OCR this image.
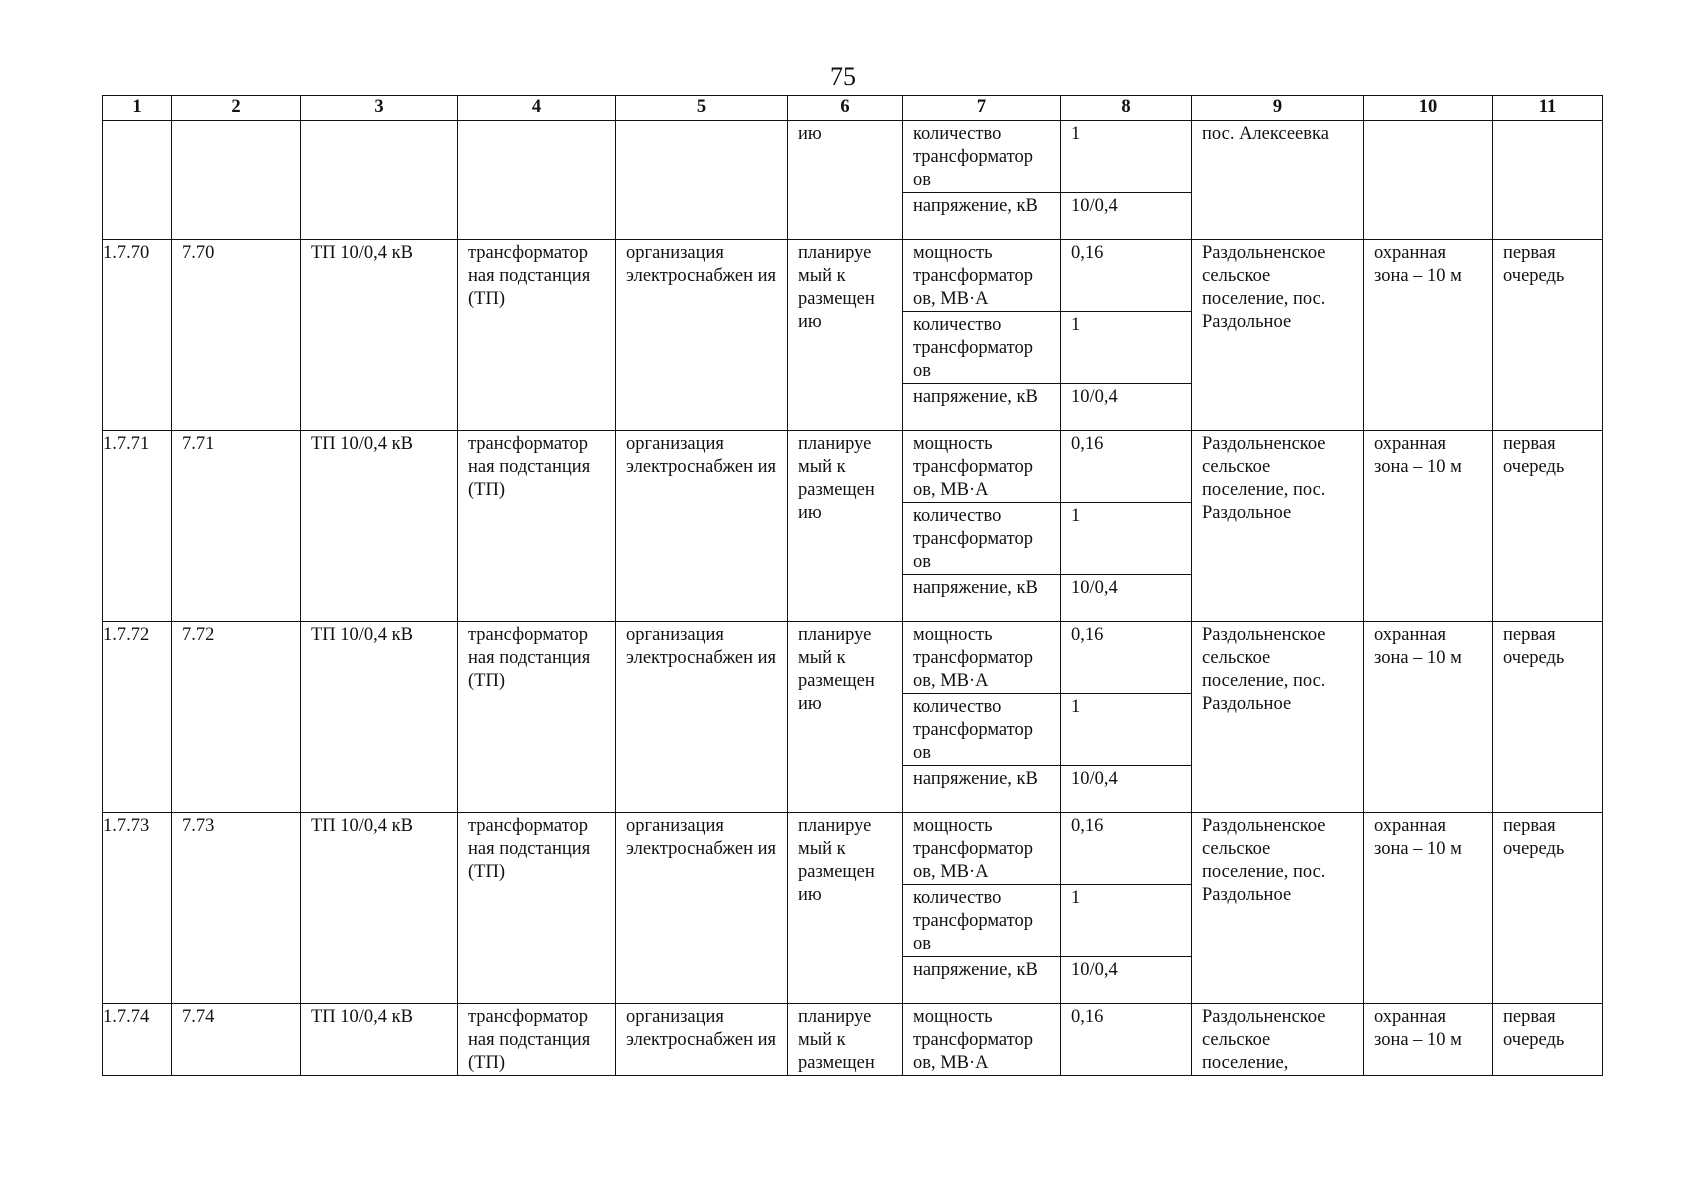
75
1	2	3	4	5	6	7	8	9	10	11
					ию	количество трансформатор ов	1	пос. Алексеевка		
						напряжение, кВ	10/0,4			
1.7.70	7.70	ТП 10/0,4 кВ	трансформатор ная подстанция (ТП)	организация электроснабжен ия	планируе мый к размещен ию	мощность трансформатор ов, МВ·А	0,16	Раздольненское сельское поселение, пос. Раздольное	охранная зона – 10 м	первая очередь
						количество трансформатор ов	1			
						напряжение, кВ	10/0,4			
1.7.71	7.71	ТП 10/0,4 кВ	трансформатор ная подстанция (ТП)	организация электроснабжен ия	планируе мый к размещен ию	мощность трансформатор ов, МВ·А	0,16	Раздольненское сельское поселение, пос. Раздольное	охранная зона – 10 м	первая очередь
						количество трансформатор ов	1			
						напряжение, кВ	10/0,4			
1.7.72	7.72	ТП 10/0,4 кВ	трансформатор ная подстанция (ТП)	организация электроснабжен ия	планируе мый к размещен ию	мощность трансформатор ов, МВ·А	0,16	Раздольненское сельское поселение, пос. Раздольное	охранная зона – 10 м	первая очередь
						количество трансформатор ов	1			
						напряжение, кВ	10/0,4			
1.7.73	7.73	ТП 10/0,4 кВ	трансформатор ная подстанция (ТП)	организация электроснабжен ия	планируе мый к размещен ию	мощность трансформатор ов, МВ·А	0,16	Раздольненское сельское поселение, пос. Раздольное	охранная зона – 10 м	первая очередь
						количество трансформатор ов	1			
						напряжение, кВ	10/0,4			
1.7.74	7.74	ТП 10/0,4 кВ	трансформатор ная подстанция (ТП)	организация электроснабжен ия	планируе мый к размещен	мощность трансформатор ов, МВ·А	0,16	Раздольненское сельское поселение,	охранная зона – 10 м	первая очередь
